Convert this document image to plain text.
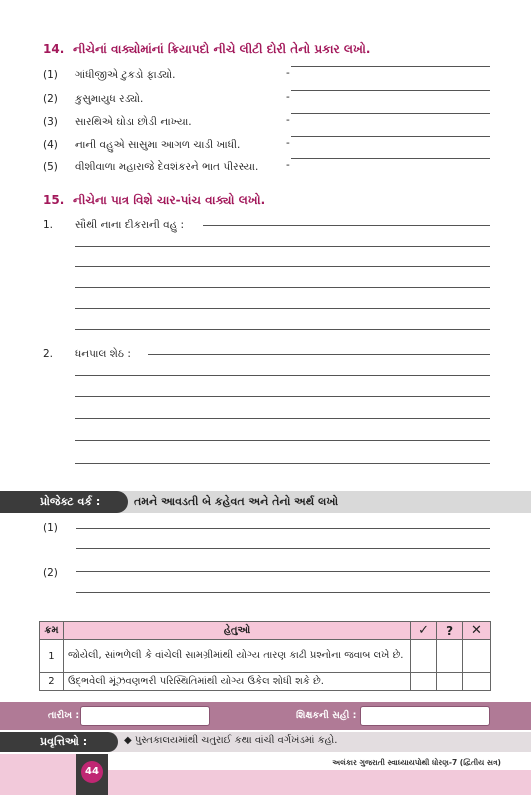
14. નીચેનાં વાક્યોમાંનાં ક્રિયાપદો નીચે લીટી દોરી તેનો પ્રકાર લખો.
(1) ગાંધીજીએ ટુકડો ફાડ્યો.	-
(2) કુસુમાયુધ રડ્યો.	-
(3) સારથિએ ઘોડા છોડી નાખ્યા.	-
(4) નાની વહુએ સાસુમા આગળ ચાડી ખાધી.	-
(5) વીશીવાળા મહારાજે દેવશંકરને ભાત પીરસ્યા.	-
15. નીચેના પાત્ર વિશે ચાર-પાંચ વાક્યો લખો.
1. સૌથી નાના દીકરાની વહુ :
2. ધનપાલ શેઠ :
પ્રોજેક્ટ વર્ક :	તમને આવડતી બે કહેવત અને તેનો અર્થ લખો
(1)
(2)
ક્રમ	હેતુઓ	✓	?	✕
1	જોયેલી, સાંભળેલી કે વાંચેલી સામગ્રીમાંથી યોગ્ય તારણ કાઢી પ્રશ્નોના જવાબ લખે છે.			
2	ઉદ્ભવેલી મૂંઝવણભરી પરિસ્થિતિમાંથી યોગ્ય ઉકેલ શોધી શકે છે.			
તારીખ :	શિક્ષકની સહી :
પ્રવૃત્તિઓ :	◆ પુસ્તકાલયમાંથી ચતુરાઈ કથા વાંચી વર્ગખંડમાં કહો.
44
અલંકાર ગુજરાતી સ્વાધ્યાયપોથી ધોરણ-7 (દ્વિતીય સત્ર)
